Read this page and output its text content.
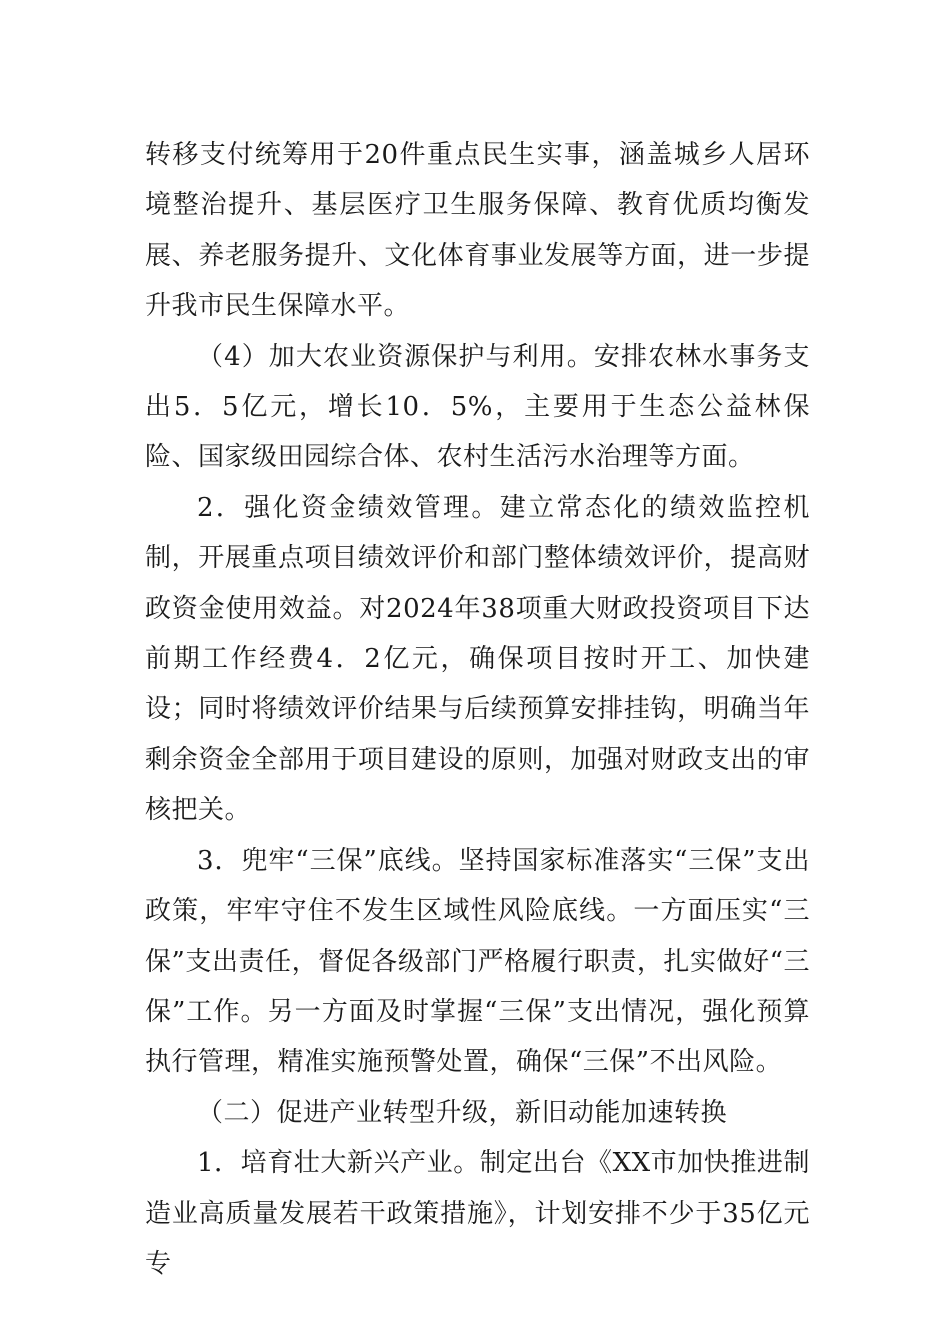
转移支付统筹用于20件重点民生实事，涵盖城乡人居环境整治提升、基层医疗卫生服务保障、教育优质均衡发展、养老服务提升、文化体育事业发展等方面，进一步提升我市民生保障水平。

（4）加大农业资源保护与利用。安排农林水事务支出5．5亿元，增长10．5%，主要用于生态公益林保险、国家级田园综合体、农村生活污水治理等方面。

2．强化资金绩效管理。建立常态化的绩效监控机制，开展重点项目绩效评价和部门整体绩效评价，提高财政资金使用效益。对2024年38项重大财政投资项目下达前期工作经费4．2亿元，确保项目按时开工、加快建设；同时将绩效评价结果与后续预算安排挂钩，明确当年剩余资金全部用于项目建设的原则，加强对财政支出的审核把关。

3．兜牢“三保”底线。坚持国家标准落实“三保”支出政策，牢牢守住不发生区域性风险底线。一方面压实“三保”支出责任，督促各级部门严格履行职责，扎实做好“三保”工作。另一方面及时掌握“三保”支出情况，强化预算执行管理，精准实施预警处置，确保“三保”不出风险。

（二）促进产业转型升级，新旧动能加速转换

1．培育壮大新兴产业。制定出台《XX市加快推进制造业高质量发展若干政策措施》，计划安排不少于35亿元专
